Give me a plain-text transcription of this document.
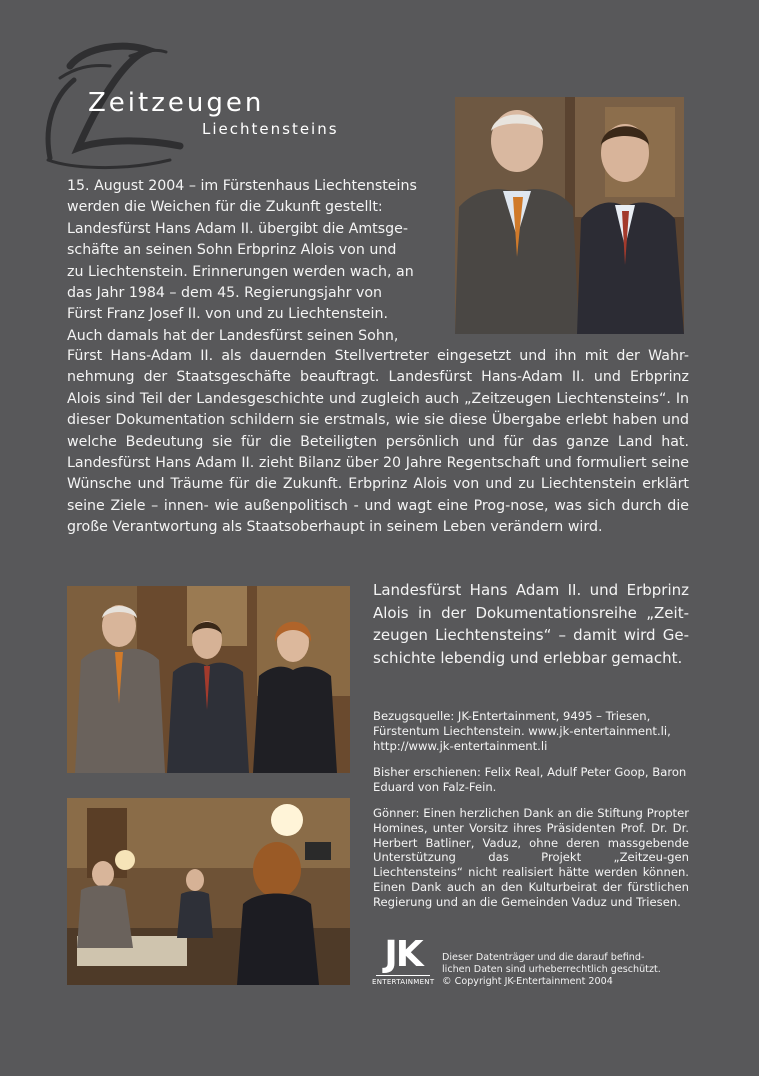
Zeitzeugen
Liechtensteins
15. August 2004 – im Fürstenhaus Liechtensteins
werden die Weichen für die Zukunft gestellt:
Landesfürst Hans Adam II. übergibt die Amtsge-
schäfte an seinen Sohn Erbprinz Alois von und
zu Liechtenstein. Erinnerungen werden wach, an
das Jahr 1984 – dem 45. Regierungsjahr von
Fürst Franz Josef II. von und zu Liechtenstein.
Auch damals hat der Landesfürst seinen Sohn,
Fürst Hans-Adam II. als dauernden Stellvertreter eingesetzt und ihn mit der Wahr-nehmung der Staatsgeschäfte beauftragt. Landesfürst Hans-Adam II. und Erbprinz Alois sind Teil der Landesgeschichte und zugleich auch „Zeitzeugen Liechtensteins“. In dieser Dokumentation schildern sie erstmals, wie sie diese Übergabe erlebt haben und welche Bedeutung sie für die Beteiligten persönlich und für das ganze Land hat. Landesfürst Hans Adam II. zieht Bilanz über 20 Jahre Regentschaft und formuliert seine Wünsche und Träume für die Zukunft. Erbprinz Alois von und zu Liechtenstein erklärt seine Ziele – innen- wie außenpolitisch - und wagt eine Prog-nose, was sich durch die große Verantwortung als Staatsoberhaupt in seinem Leben verändern wird.
Landesfürst Hans Adam II. und Erbprinz Alois in der Dokumentationsreihe „Zeit-zeugen Liechtensteins“ – damit wird Ge-schichte lebendig und erlebbar gemacht.
Bezugsquelle: JK-Entertainment, 9495 – Triesen, Fürstentum Liechtenstein. www.jk-entertainment.li, http://www.jk-entertainment.li
Bisher erschienen: Felix Real, Adulf Peter Goop, Baron Eduard von Falz-Fein.
Gönner: Einen herzlichen Dank an die Stiftung Propter Homines, unter Vorsitz ihres Präsidenten Prof. Dr. Dr. Herbert Batliner, Vaduz, ohne deren massgebende Unterstützung das Projekt „Zeitzeu-gen Liechtensteins“ nicht realisiert hätte werden können. Einen Dank auch an den Kulturbeirat der fürstlichen Regierung und an die Gemeinden Vaduz und Triesen.
JK
ENTERTAINMENT
Dieser Datenträger und die darauf befind-
lichen Daten sind urheberrechtlich geschützt.
© Copyright JK-Entertainment 2004
